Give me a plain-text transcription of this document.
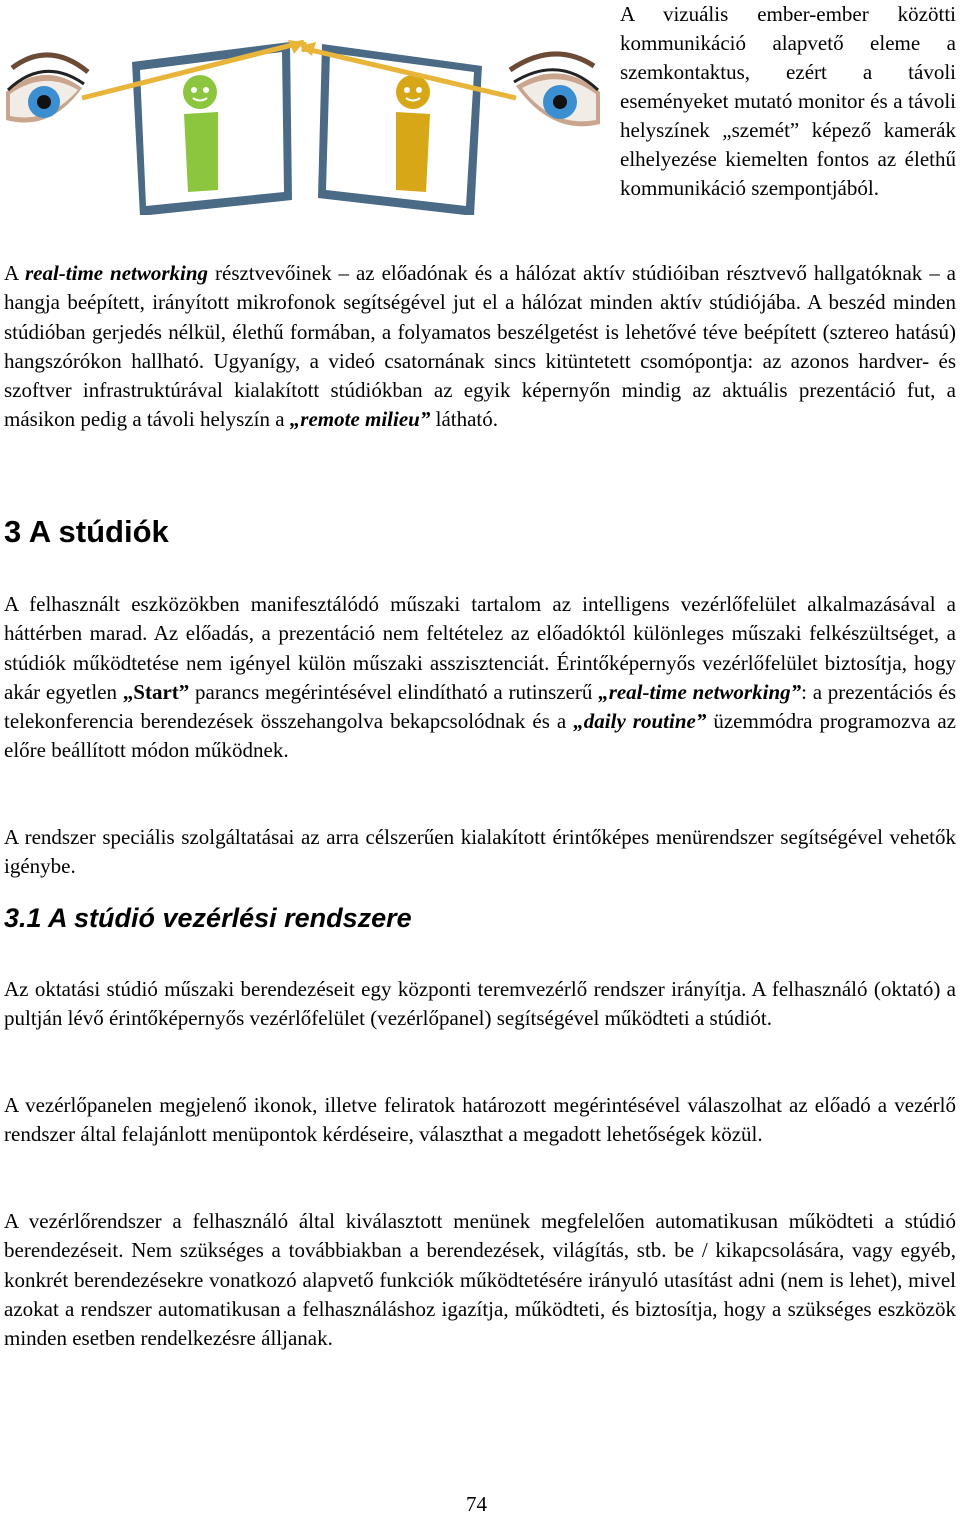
A vizuális ember-ember közötti kommunikáció alapvető eleme a szemkontaktus, ezért a távoli eseményeket mutató monitor és a távoli helyszínek „szemét” képező kamerák elhelyezése kiemelten fontos az élethű kommunikáció szempontjából.

A real-time networking résztvevőinek – az előadónak és a hálózat aktív stúdióiban résztvevő hallgatóknak – a hangja beépített, irányított mikrofonok segítségével jut el a hálózat minden aktív stúdiójába. A beszéd minden stúdióban gerjedés nélkül, élethű formában, a folyamatos beszélgetést is lehetővé téve beépített (sztereo hatású) hangszórókon hallható. Ugyanígy, a videó csatornának sincs kitüntetett csomópontja: az azonos hardver- és szoftver infrastruktúrával kialakított stúdiókban az egyik képernyőn mindig az aktuális prezentáció fut, a másikon pedig a távoli helyszín a „remote milieu” látható.

3 A stúdiók

A felhasznált eszközökben manifesztálódó műszaki tartalom az intelligens vezérlőfelület alkalmazásával a háttérben marad. Az előadás, a prezentáció nem feltételez az előadóktól különleges műszaki felkészültséget, a stúdiók működtetése nem igényel külön műszaki asszisztenciát. Érintőképernyős vezérlőfelület biztosítja, hogy akár egyetlen „Start” parancs megérintésével elindítható a rutinszerű „real-time networking”: a prezentációs és telekonferencia berendezések összehangolva bekapcsolódnak és a „daily routine” üzemmódra programozva az előre beállított módon működnek.

A rendszer speciális szolgáltatásai az arra célszerűen kialakított érintőképes menürendszer segítségével vehetők igénybe.

3.1 A stúdió vezérlési rendszere

Az oktatási stúdió műszaki berendezéseit egy központi teremvezérlő rendszer irányítja. A felhasználó (oktató) a pultján lévő érintőképernyős vezérlőfelület (vezérlőpanel) segítségével működteti a stúdiót.

A vezérlőpanelen megjelenő ikonok, illetve feliratok határozott megérintésével válaszolhat az előadó a vezérlő rendszer által felajánlott menüpontok kérdéseire, választhat a megadott lehetőségek közül.

A vezérlőrendszer a felhasználó által kiválasztott menünek megfelelően automatikusan működteti a stúdió berendezéseit. Nem szükséges a továbbiakban a berendezések, világítás, stb. be / kikapcsolására, vagy egyéb, konkrét berendezésekre vonatkozó alapvető funkciók működtetésére irányuló utasítást adni (nem is lehet), mivel azokat a rendszer automatikusan a felhasználáshoz igazítja, működteti, és biztosítja, hogy a szükséges eszközök minden esetben rendelkezésre álljanak.

74
